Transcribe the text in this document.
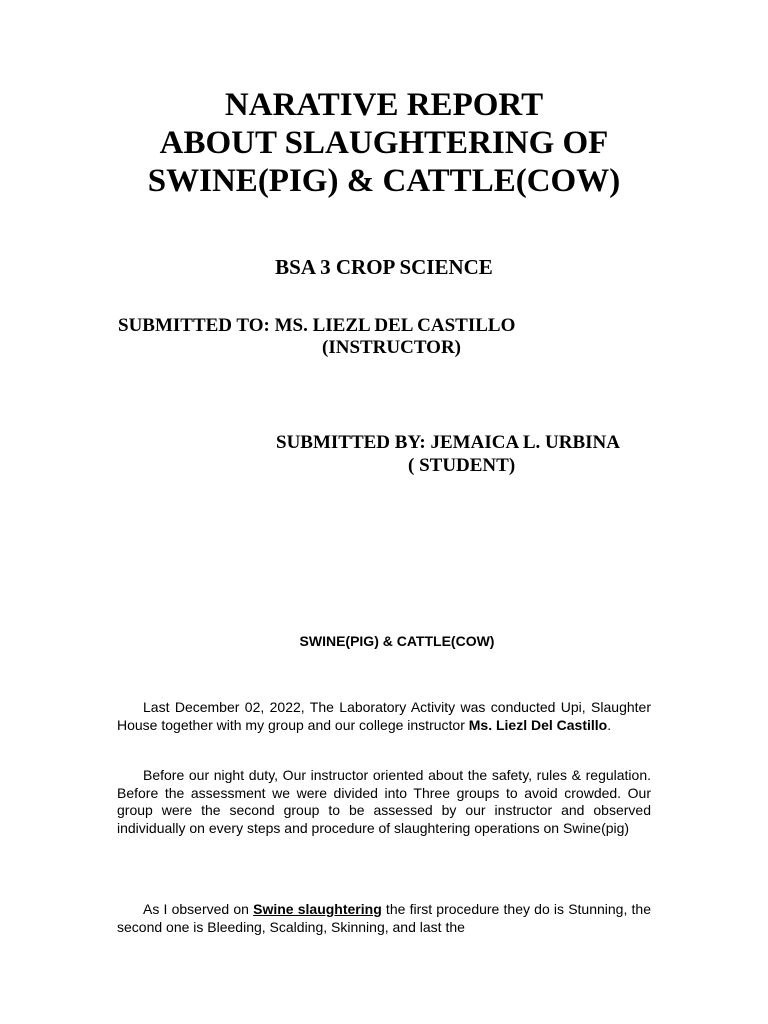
NARATIVE REPORT
ABOUT SLAUGHTERING OF
SWINE(PIG) & CATTLE(COW)
BSA 3 CROP SCIENCE
SUBMITTED TO: MS. LIEZL DEL CASTILLO
(INSTRUCTOR)
SUBMITTED BY: JEMAICA L. URBINA
( STUDENT)
SWINE(PIG) & CATTLE(COW)

Last December 02, 2022, The Laboratory Activity was conducted Upi, Slaughter House together with my group and our college instructor Ms. Liezl Del Castillo.

Before our night duty, Our instructor oriented about the safety, rules & regulation. Before the assessment we were divided into Three groups to avoid crowded. Our group were the second group to be assessed by our instructor and observed individually on every steps and procedure of slaughtering operations on Swine(pig)

As I observed on Swine slaughtering the first procedure they do is Stunning, the second one is Bleeding, Scalding, Skinning, and last the
